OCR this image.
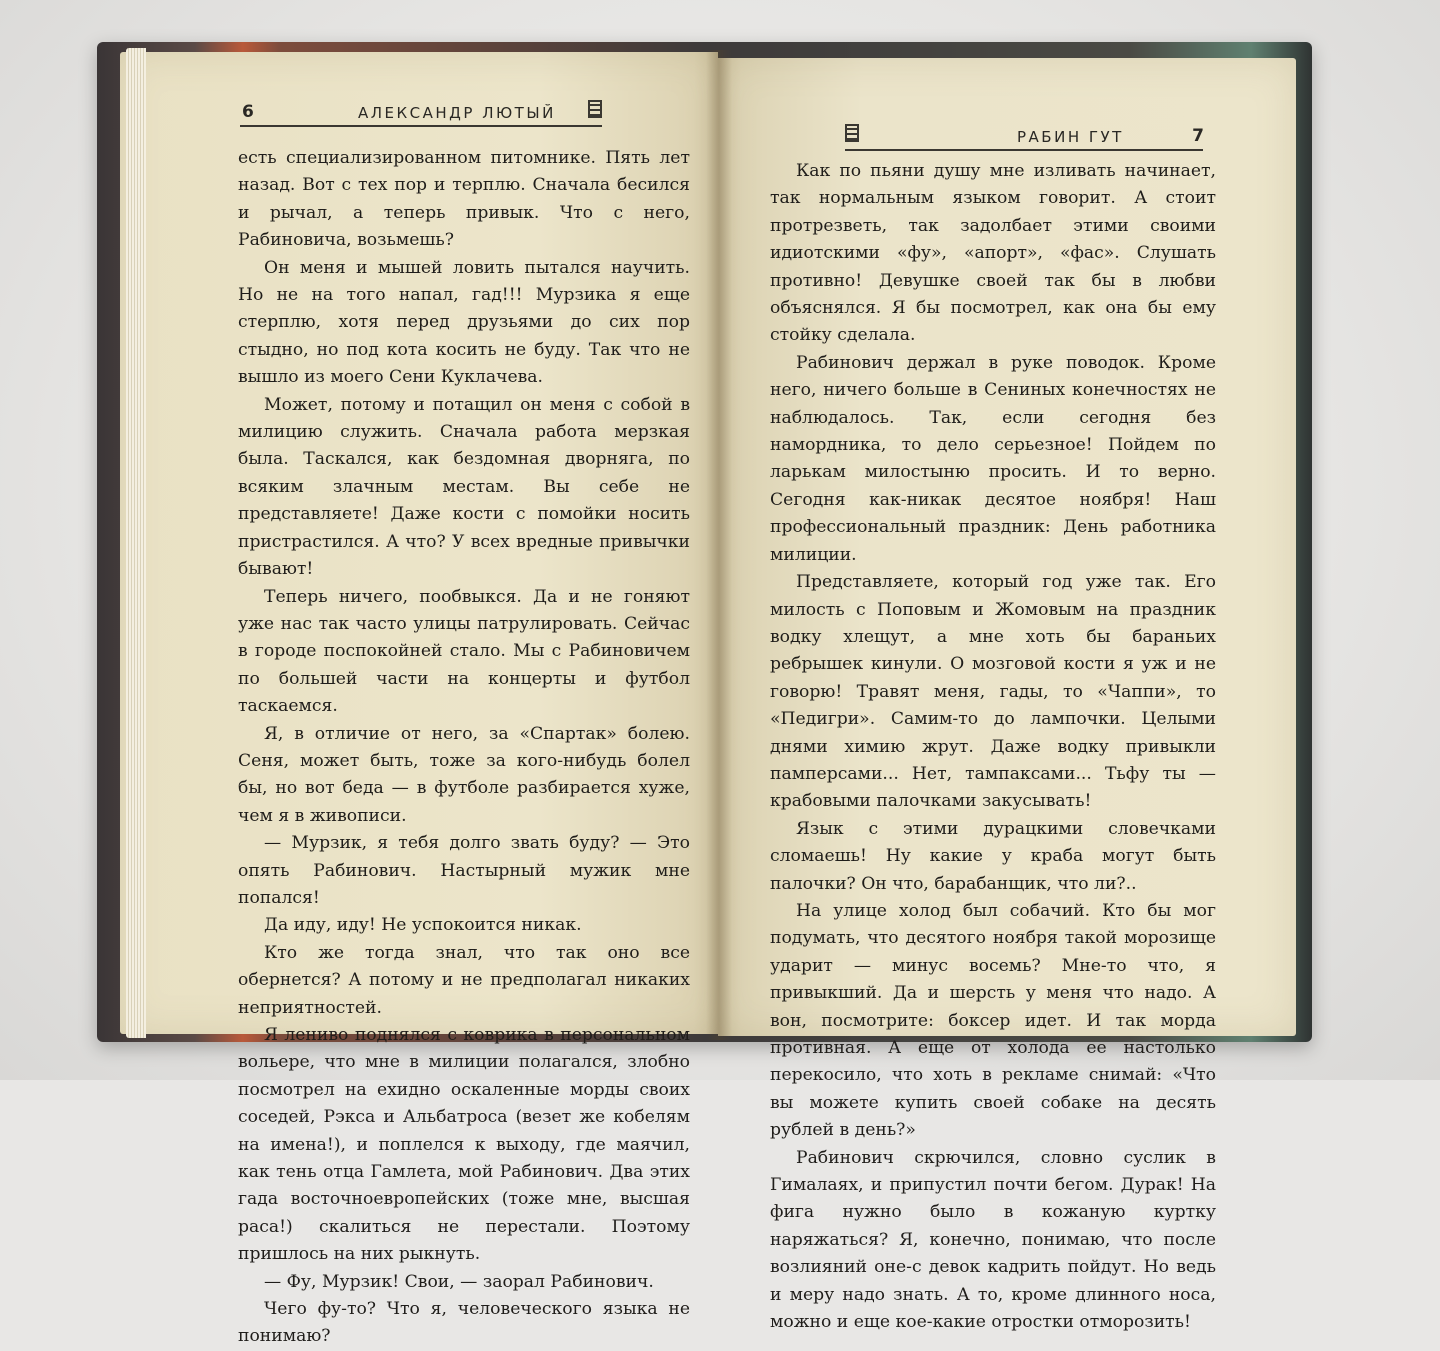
6	АЛЕКСАНДР ЛЮТЫЙ
РАБИН ГУТ	7

есть специализированном питомнике. Пять лет назад. Вот с тех пор и терплю. Сначала бесился и рычал, а теперь привык. Что с него, Рабиновича, возьмешь?

Он меня и мышей ловить пытался научить. Но не на того напал, гад!!! Мурзика я еще стерплю, хотя перед друзьями до сих пор стыдно, но под кота косить не буду. Так что не вышло из моего Сени Куклачева.

Может, потому и потащил он меня с собой в милицию служить. Сначала работа мерзкая была. Таскался, как бездомная дворняга, по всяким злачным местам. Вы себе не представляете! Даже кости с помойки носить пристрастился. А что? У всех вредные привычки бывают!

Теперь ничего, пообвыкся. Да и не гоняют уже нас так часто улицы патрулировать. Сейчас в городе поспокойней стало. Мы с Рабиновичем по большей части на концерты и футбол таскаемся.

Я, в отличие от него, за «Спартак» болею. Сеня, может быть, тоже за кого-нибудь болел бы, но вот беда — в футболе разбирается хуже, чем я в живописи.

— Мурзик, я тебя долго звать буду? — Это опять Рабинович. Настырный мужик мне попался!

Да иду, иду! Не успокоится никак.

Кто же тогда знал, что так оно все обернется? А потому и не предполагал никаких неприятностей.

Я лениво поднялся с коврика в персональном вольере, что мне в милиции полагался, злобно посмотрел на ехидно оскаленные морды своих соседей, Рэкса и Альбатроса (везет же кобелям на имена!), и поплелся к выходу, где маячил, как тень отца Гамлета, мой Рабинович. Два этих гада восточноевропейских (тоже мне, высшая раса!) скалиться не перестали. Поэтому пришлось на них рыкнуть.

— Фу, Мурзик! Свои, — заорал Рабинович.

Чего фу-то? Что я, человеческого языка не понимаю?

Как по пьяни душу мне изливать начинает, так нормальным языком говорит. А стоит протрезветь, так задолбает этими своими идиотскими «фу», «апорт», «фас». Слушать противно! Девушке своей так бы в любви объяснялся. Я бы посмотрел, как она бы ему стойку сделала.

Рабинович держал в руке поводок. Кроме него, ничего больше в Сениных конечностях не наблюдалось. Так, если сегодня без намордника, то дело серьезное! Пойдем по ларькам милостыню просить. И то верно. Сегодня как-никак десятое ноября! Наш профессиональный праздник: День работника милиции.

Представляете, который год уже так. Его милость с Поповым и Жомовым на праздник водку хлещут, а мне хоть бы бараньих ребрышек кинули. О мозговой кости я уж и не говорю! Травят меня, гады, то «Чаппи», то «Педигри». Самим-то до лампочки. Целыми днями химию жрут. Даже водку привыкли памперсами... Нет, тампаксами... Тьфу ты — крабовыми палочками закусывать!

Язык с этими дурацкими словечками сломаешь! Ну какие у краба могут быть палочки? Он что, барабанщик, что ли?..

На улице холод был собачий. Кто бы мог подумать, что десятого ноября такой морозище ударит — минус восемь? Мне-то что, я привыкший. Да и шерсть у меня что надо. А вон, посмотрите: боксер идет. И так морда противная. А еще от холода ее настолько перекосило, что хоть в рекламе снимай: «Что вы можете купить своей собаке на десять рублей в день?»

Рабинович скрючился, словно суслик в Гималаях, и припустил почти бегом. Дурак! На фига нужно было в кожаную куртку наряжаться? Я, конечно, понимаю, что после возлияний оне-с девок кадрить пойдут. Но ведь и меру надо знать. А то, кроме длинного носа, можно и еще кое-какие отростки отморозить!
